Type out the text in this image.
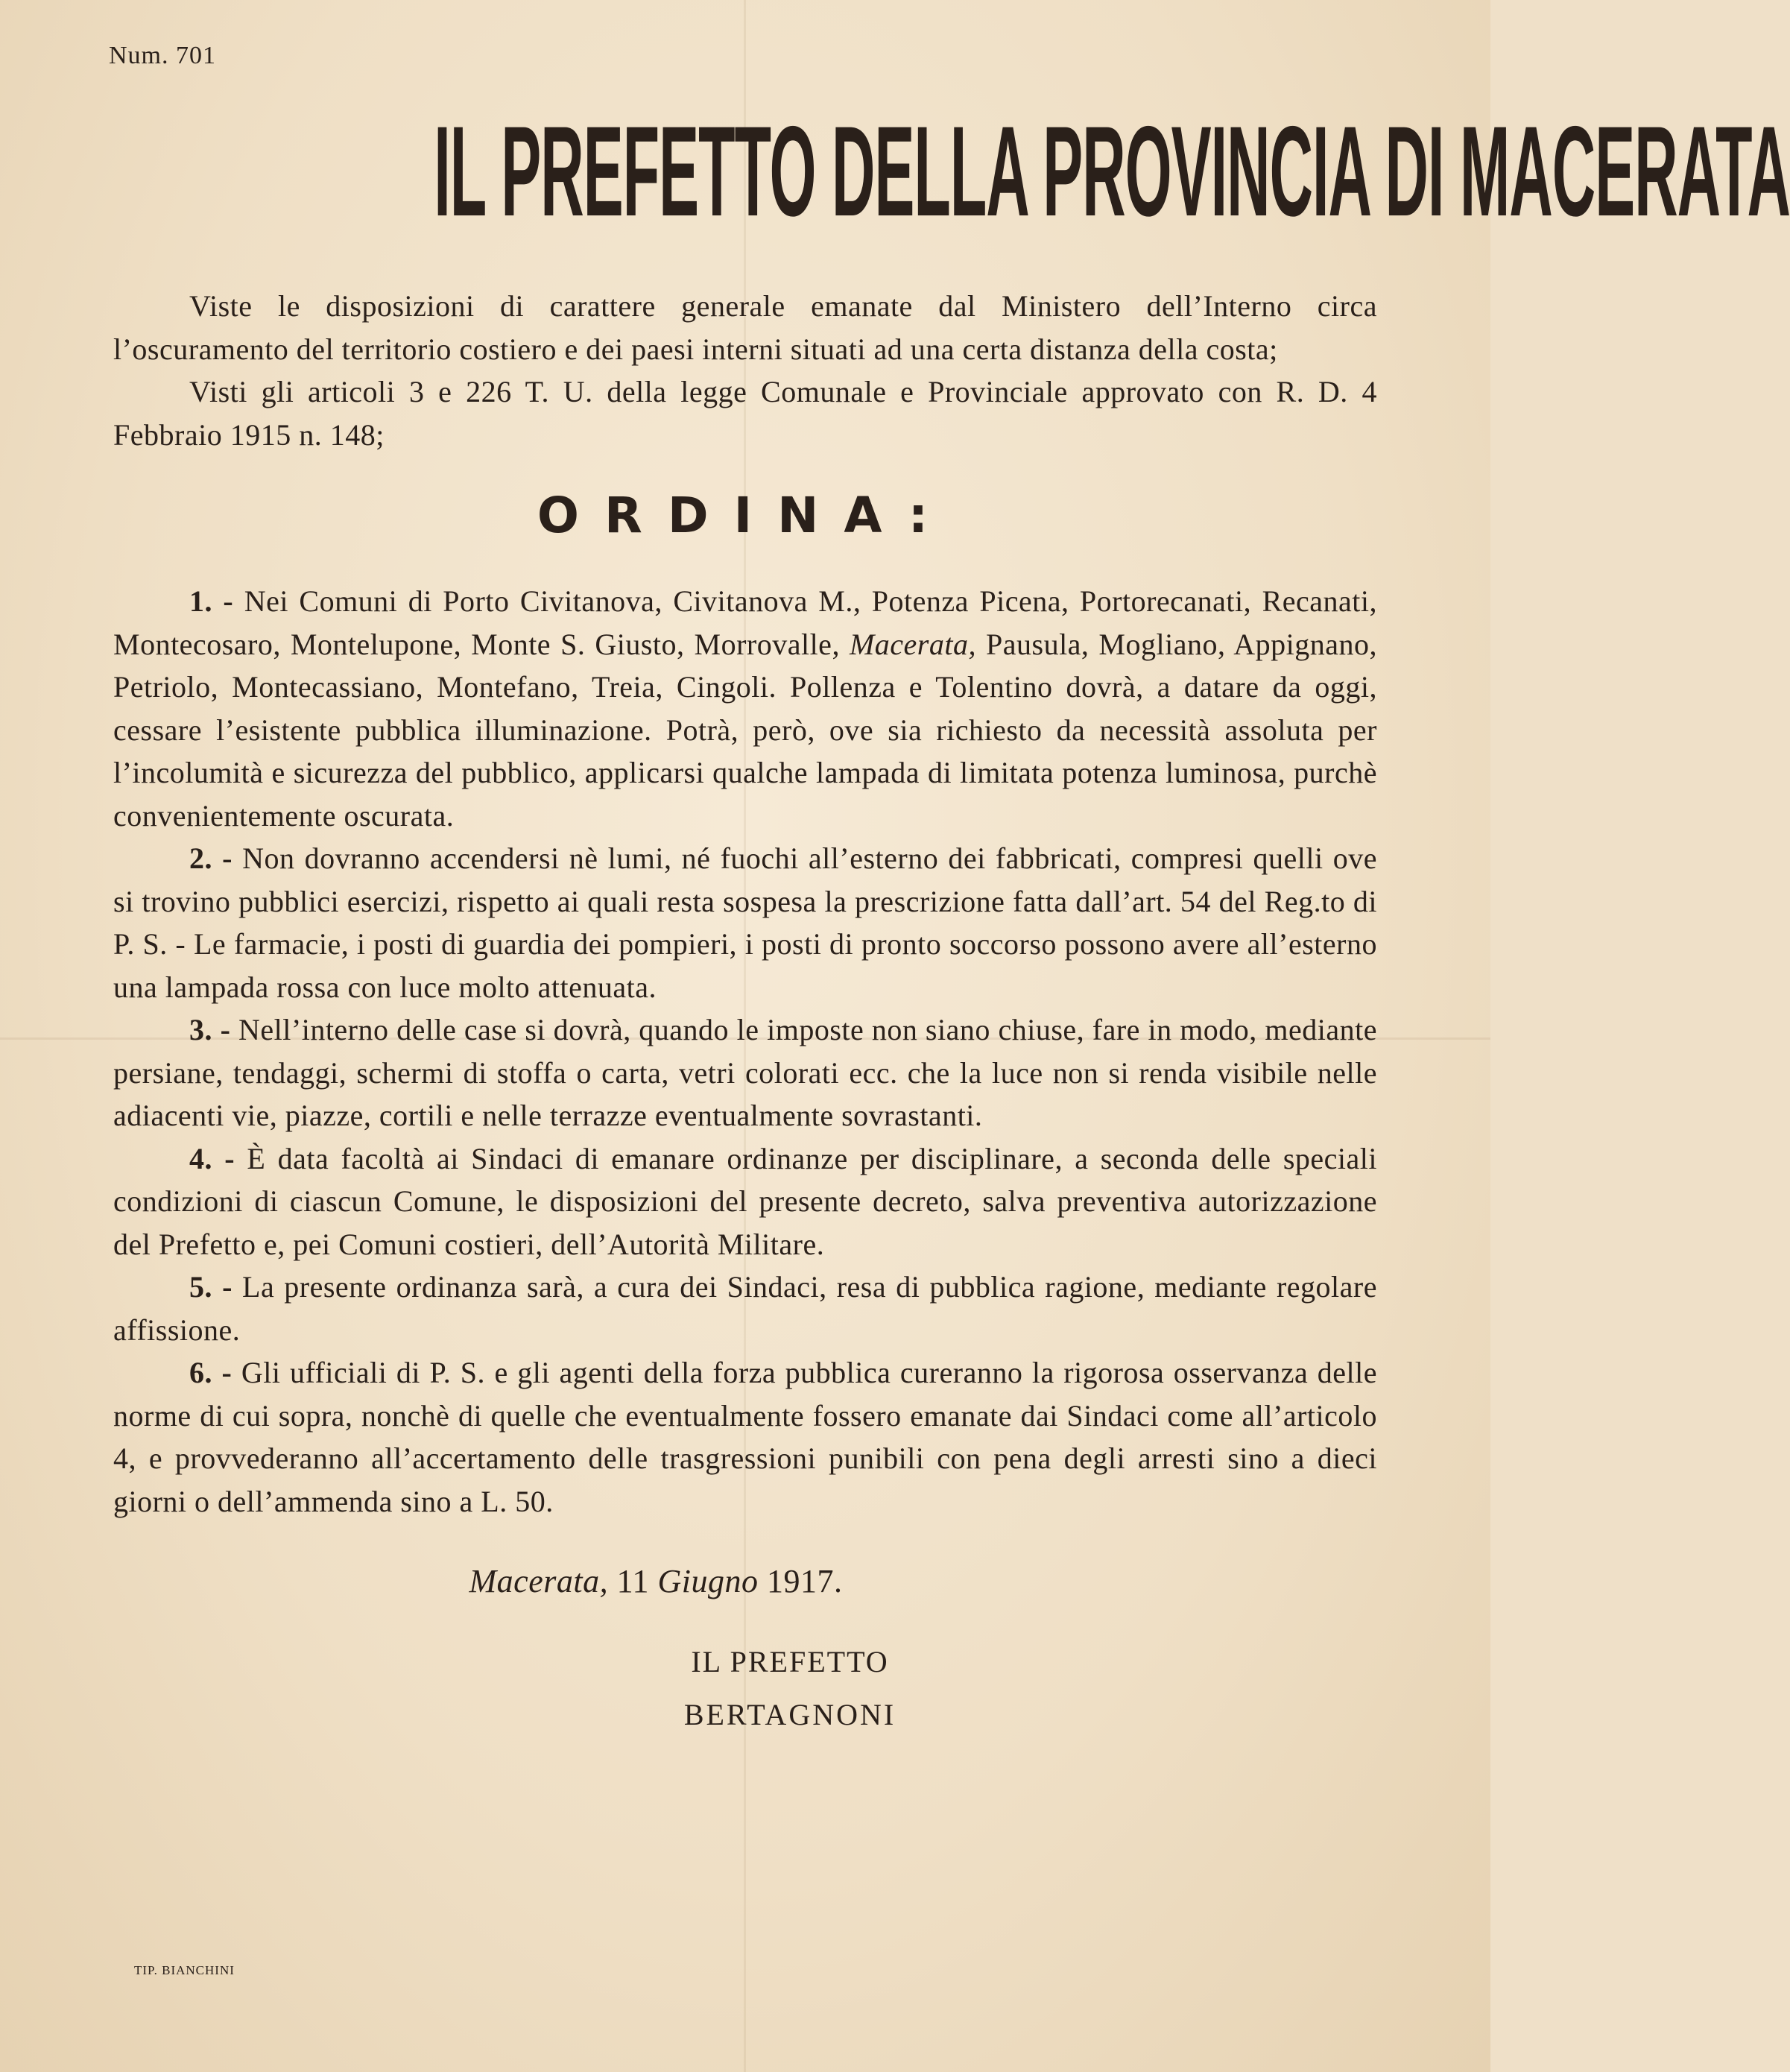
Num. 701
IL PREFETTO DELLA PROVINCIA DI MACERATA

Viste le disposizioni di carattere generale emanate dal Ministero dell’Interno circa l’oscuramento del territorio costiero e dei paesi interni situati ad una certa distanza della costa;

Visti gli articoli 3 e 226 T. U. della legge Comunale e Provinciale approvato con R. D. 4 Febbraio 1915 n. 148;

ORDINA:

1. - Nei Comuni di Porto Civitanova, Civitanova M., Potenza Picena, Portorecanati, Recanati, Montecosaro, Montelupone, Monte S. Giusto, Morrovalle, Macerata, Pausula, Mogliano, Appignano, Petriolo, Montecassiano, Montefano, Treia, Cingoli. Pollenza e Tolentino dovrà, a datare da oggi, cessare l’esistente pubblica illuminazione. Potrà, però, ove sia richiesto da necessità assoluta per l’incolumità e sicurezza del pubblico, applicarsi qualche lampada di limitata potenza luminosa, purchè convenientemente oscurata.

2. - Non dovranno accendersi nè lumi, né fuochi all’esterno dei fabbricati, compresi quelli ove si trovino pubblici esercizi, rispetto ai quali resta sospesa la prescrizione fatta dall’art. 54 del Reg.to di P. S. - Le farmacie, i posti di guardia dei pompieri, i posti di pronto soccorso possono avere all’esterno una lampada rossa con luce molto attenuata.

3. - Nell’interno delle case si dovrà, quando le imposte non siano chiuse, fare in modo, mediante persiane, tendaggi, schermi di stoffa o carta, vetri colorati ecc. che la luce non si renda visibile nelle adiacenti vie, piazze, cortili e nelle terrazze eventualmente sovrastanti.

4. - È data facoltà ai Sindaci di emanare ordinanze per disciplinare, a seconda delle speciali condizioni di ciascun Comune, le disposizioni del presente decreto, salva preventiva autorizzazione del Prefetto e, pei Comuni costieri, dell’Autorità Militare.

5. - La presente ordinanza sarà, a cura dei Sindaci, resa di pubblica ragione, mediante regolare affissione.

6. - Gli ufficiali di P. S. e gli agenti della forza pubblica cureranno la rigorosa osservanza delle norme di cui sopra, nonchè di quelle che eventualmente fossero emanate dai Sindaci come all’articolo 4, e provvederanno all’accertamento delle trasgressioni punibili con pena degli arresti sino a dieci giorni o dell’ammenda sino a L. 50.

Macerata, 11 Giugno 1917.
IL PREFETTO
BERTAGNONI
TIP. BIANCHINI
